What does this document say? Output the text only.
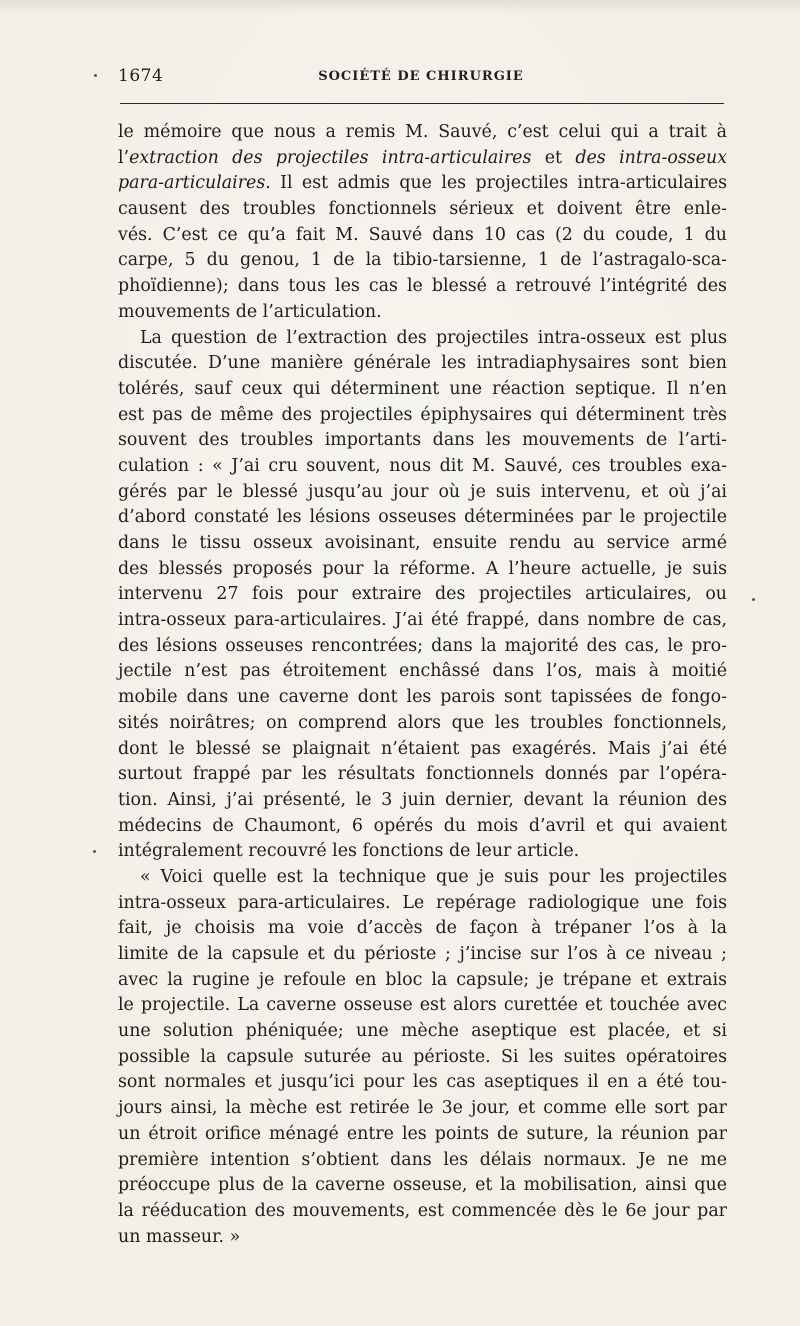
1674	SOCIÉTÉ DE CHIRURGIE
le mémoire que nous a remis M. Sauvé, c’est celui qui a trait à
l’extraction des projectiles intra-articulaires et des intra-osseux
para-articulaires. Il est admis que les projectiles intra-articulaires
causent des troubles fonctionnels sérieux et doivent être enle-
vés. C’est ce qu’a fait M. Sauvé dans 10 cas (2 du coude, 1 du
carpe, 5 du genou, 1 de la tibio-tarsienne, 1 de l’astragalo-sca-
phoïdienne); dans tous les cas le blessé a retrouvé l’intégrité des
mouvements de l’articulation.
La question de l’extraction des projectiles intra-osseux est plus
discutée. D’une manière générale les intradiaphysaires sont bien
tolérés, sauf ceux qui déterminent une réaction septique. Il n’en
est pas de même des projectiles épiphysaires qui déterminent très
souvent des troubles importants dans les mouvements de l’arti-
culation : « J’ai cru souvent, nous dit M. Sauvé, ces troubles exa-
gérés par le blessé jusqu’au jour où je suis intervenu, et où j’ai
d’abord constaté les lésions osseuses déterminées par le projectile
dans le tissu osseux avoisinant, ensuite rendu au service armé
des blessés proposés pour la réforme. A l’heure actuelle, je suis
intervenu 27 fois pour extraire des projectiles articulaires, ou
intra-osseux para-articulaires. J’ai été frappé, dans nombre de cas,
des lésions osseuses rencontrées; dans la majorité des cas, le pro-
jectile n’est pas étroitement enchâssé dans l’os, mais à moitié
mobile dans une caverne dont les parois sont tapissées de fongo-
sités noirâtres; on comprend alors que les troubles fonctionnels,
dont le blessé se plaignait n’étaient pas exagérés. Mais j’ai été
surtout frappé par les résultats fonctionnels donnés par l’opéra-
tion. Ainsi, j’ai présenté, le 3 juin dernier, devant la réunion des
médecins de Chaumont, 6 opérés du mois d’avril et qui avaient
intégralement recouvré les fonctions de leur article.
« Voici quelle est la technique que je suis pour les projectiles
intra-osseux para-articulaires. Le repérage radiologique une fois
fait, je choisis ma voie d’accès de façon à trépaner l’os à la
limite de la capsule et du périoste ; j’incise sur l’os à ce niveau ;
avec la rugine je refoule en bloc la capsule; je trépane et extrais
le projectile. La caverne osseuse est alors curettée et touchée avec
une solution phéniquée; une mèche aseptique est placée, et si
possible la capsule suturée au périoste. Si les suites opératoires
sont normales et jusqu’ici pour les cas aseptiques il en a été tou-
jours ainsi, la mèche est retirée le 3e jour, et comme elle sort par
un étroit orifice ménagé entre les points de suture, la réunion par
première intention s’obtient dans les délais normaux. Je ne me
préoccupe plus de la caverne osseuse, et la mobilisation, ainsi que
la rééducation des mouvements, est commencée dès le 6e jour par
un masseur. »
